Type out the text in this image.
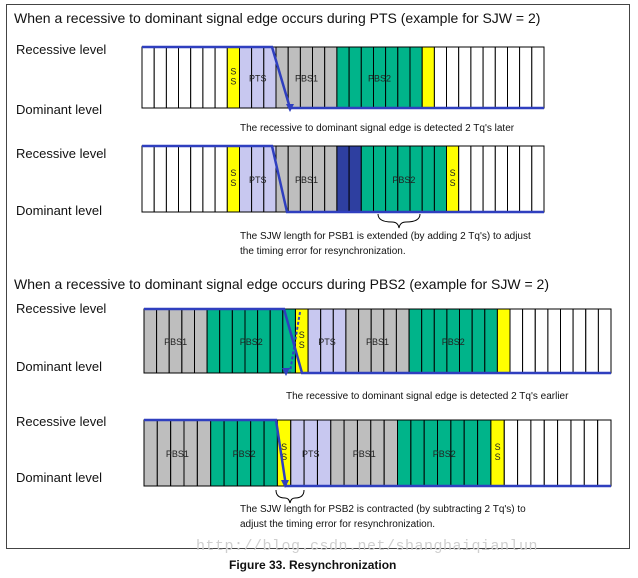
When a recessive to dominant signal edge occurs during PTS (example for SJW = 2)
Recessive level
Dominant level
The recessive to dominant signal edge is detected 2 Tq's later
Recessive level
Dominant level
The SJW length for PSB1 is extended (by adding 2 Tq's) to adjust
the timing error for resynchronization.
When a recessive to dominant signal edge occurs during PBS2 (example for SJW = 2)
Recessive level
Dominant level
The recessive to dominant signal edge is detected 2 Tq's earlier
Recessive level
Dominant level
The SJW length for PSB2 is contracted (by subtracting 2 Tq's) to
adjust the timing error for resynchronization.
http://blog.csdn.net/shanghaiqianlun
Figure 33. Resynchronization
S
S PTS	PBS1	PBS2
S
S PTS	PBS1	PBS2
S
S
PBS1	PBS2
S
S PTS	PBS1	PBS2
PBS1	PBS2
S
S PTS	PBS1	PBS2
S
S
